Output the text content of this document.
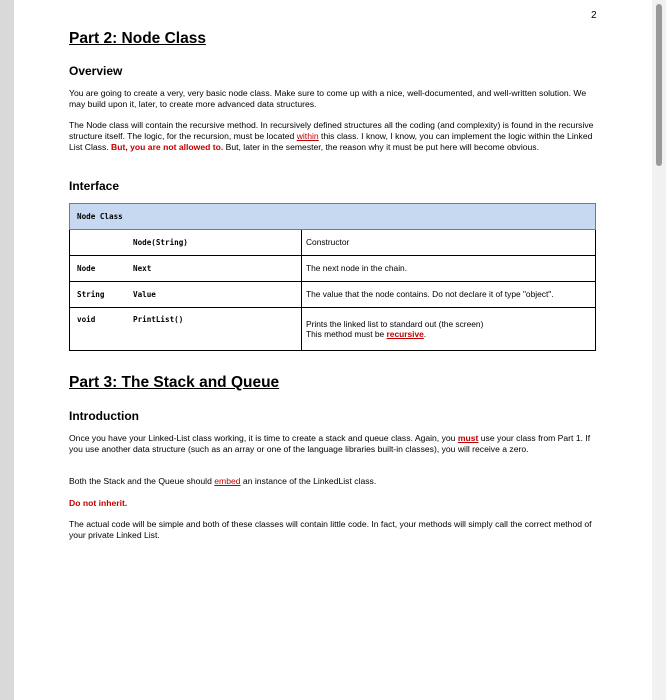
2
Part 2: Node Class
Overview
You are going to create a very, very basic node class. Make sure to come up with a nice, well-documented, and well-written solution. We may build upon it, later, to create more advanced data structures.
The Node class will contain the recursive method. In recursively defined structures all the coding (and complexity) is found in the recursive structure itself. The logic, for the recursion, must be located within this class. I know, I know, you can implement the logic within the Linked List Class. But, you are not allowed to. But, later in the semester, the reason why it must be put here will become obvious.
Interface
Node Class		
	Node(String)	Constructor
Node	Next	The next node in the chain.
String	Value	The value that the node contains. Do not declare it of type "object".
void	PrintList()	Prints the linked list to standard out (the screen)
This method must be recursive.
Part 3: The Stack and Queue
Introduction
Once you have your Linked-List class working, it is time to create a stack and queue class. Again, you must use your class from Part 1. If you use another data structure (such as an array or one of the language libraries built-in classes), you will receive a zero.
Both the Stack and the Queue should embed an instance of the LinkedList class.
Do not inherit.
The actual code will be simple and both of these classes will contain little code. In fact, your methods will simply call the correct method of your private Linked List.
